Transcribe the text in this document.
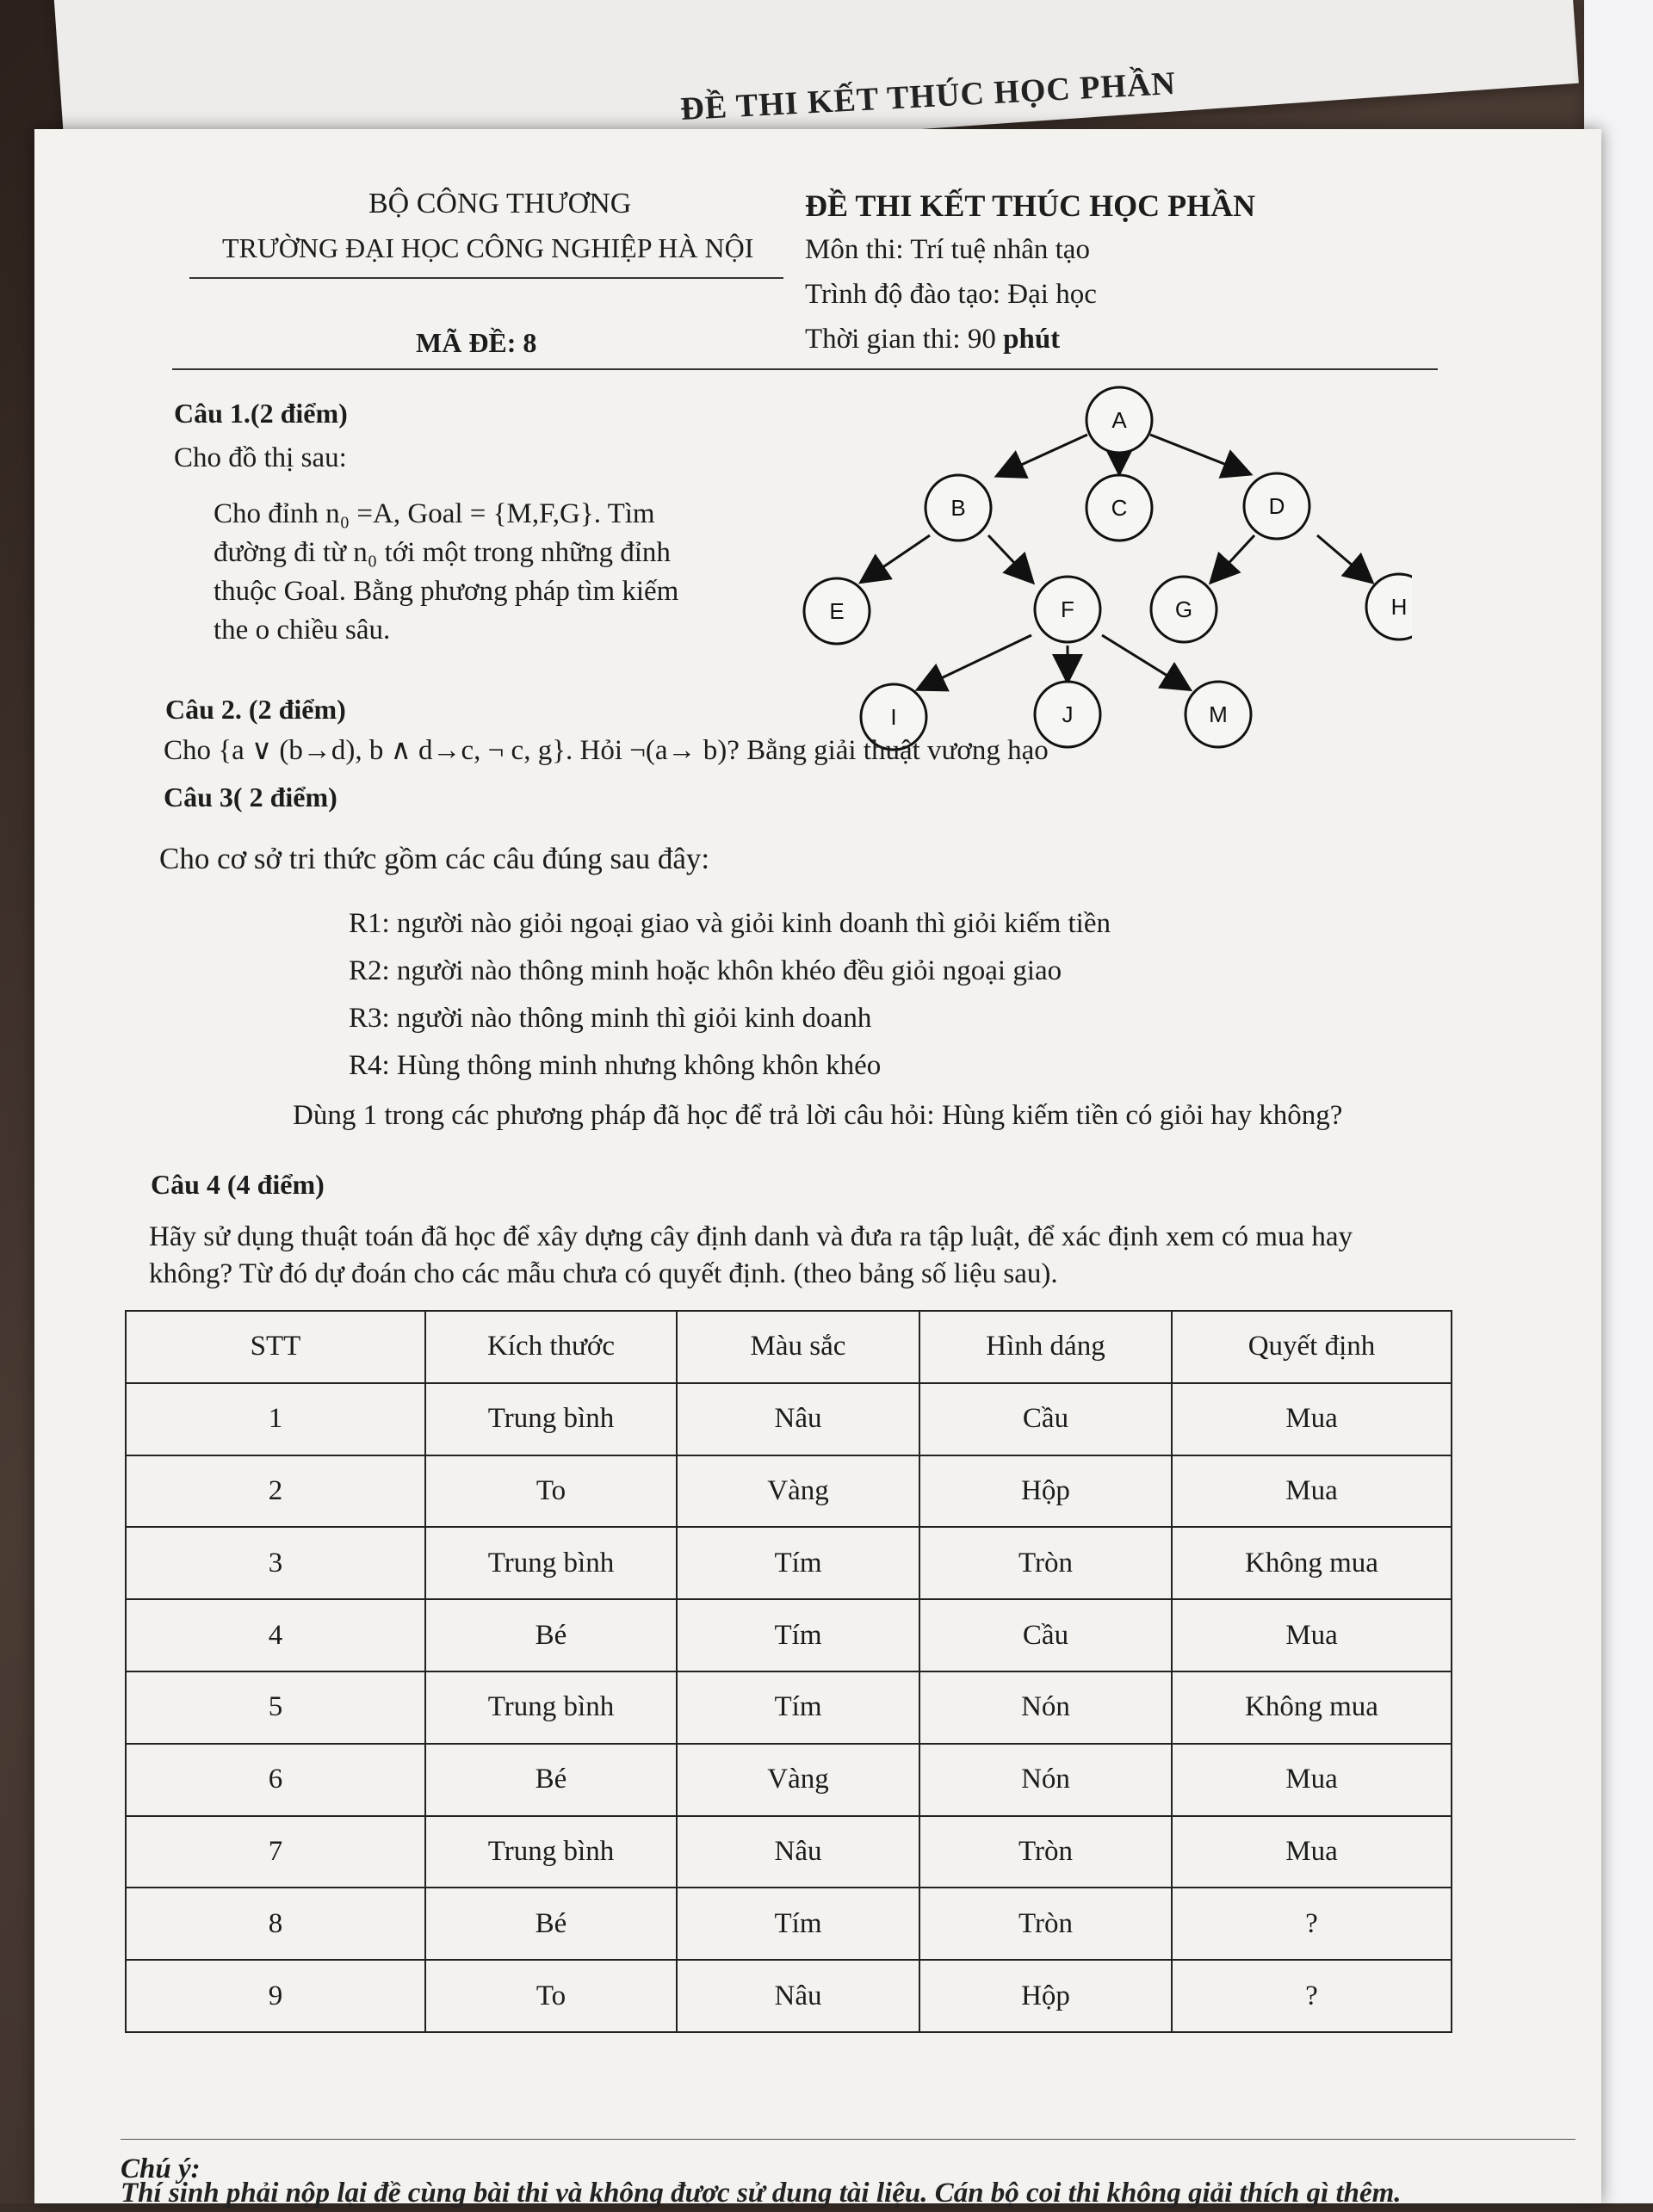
ĐỀ THI KẾT THÚC HỌC PHẦN
BỘ CÔNG THƯƠNG
TRƯỜNG ĐẠI HỌC CÔNG NGHIỆP HÀ NỘI
MÃ ĐỀ: 8
ĐỀ THI KẾT THÚC HỌC PHẦN
Môn thi: Trí tuệ nhân tạo
Trình độ đào tạo: Đại học
Thời gian thi: 90 phút
Câu 1.(2 điểm)
Cho đồ thị sau:
Cho đỉnh n₀ =A, Goal = {M,F,G}. Tìm
đường đi từ n₀ tới một trong những đỉnh
thuộc Goal. Bằng phương pháp tìm kiếm
the o chiều sâu.
A
B	C	D
E	F	G	H
I	J	M
Câu 2. (2 điểm)
Cho {a ∨ (b→d), b ∧ d→c, ¬ c, g}. Hỏi ¬(a→ b)? Bằng giải thuật vương hạo
Câu 3( 2 điểm)
Cho cơ sở tri thức gồm các câu đúng sau đây:
R1: người nào giỏi ngoại giao và giỏi kinh doanh thì giỏi kiếm tiền
R2: người nào thông minh hoặc khôn khéo đều giỏi ngoại giao
R3: người nào thông minh thì giỏi kinh doanh
R4: Hùng thông minh nhưng không khôn khéo
Dùng 1 trong các phương pháp đã học để trả lời câu hỏi: Hùng kiếm tiền có giỏi hay không?
Câu 4 (4 điểm)
Hãy sử dụng thuật toán đã học để xây dựng cây định danh và đưa ra tập luật, để xác định xem có mua hay
không? Từ đó dự đoán cho các mẫu chưa có quyết định. (theo bảng số liệu sau).
STT	Kích thước	Màu sắc	Hình dáng	Quyết định
1	Trung bình	Nâu	Cầu	Mua
2	To	Vàng	Hộp	Mua
3	Trung bình	Tím	Tròn	Không mua
4	Bé	Tím	Cầu	Mua
5	Trung bình	Tím	Nón	Không mua
6	Bé	Vàng	Nón	Mua
7	Trung bình	Nâu	Tròn	Mua
8	Bé	Tím	Tròn	?
9	To	Nâu	Hộp	?
Chú ý:
Thí sinh phải nộp lại đề cùng bài thi và không được sử dụng tài liệu. Cán bộ coi thi không giải thích gì thêm.
